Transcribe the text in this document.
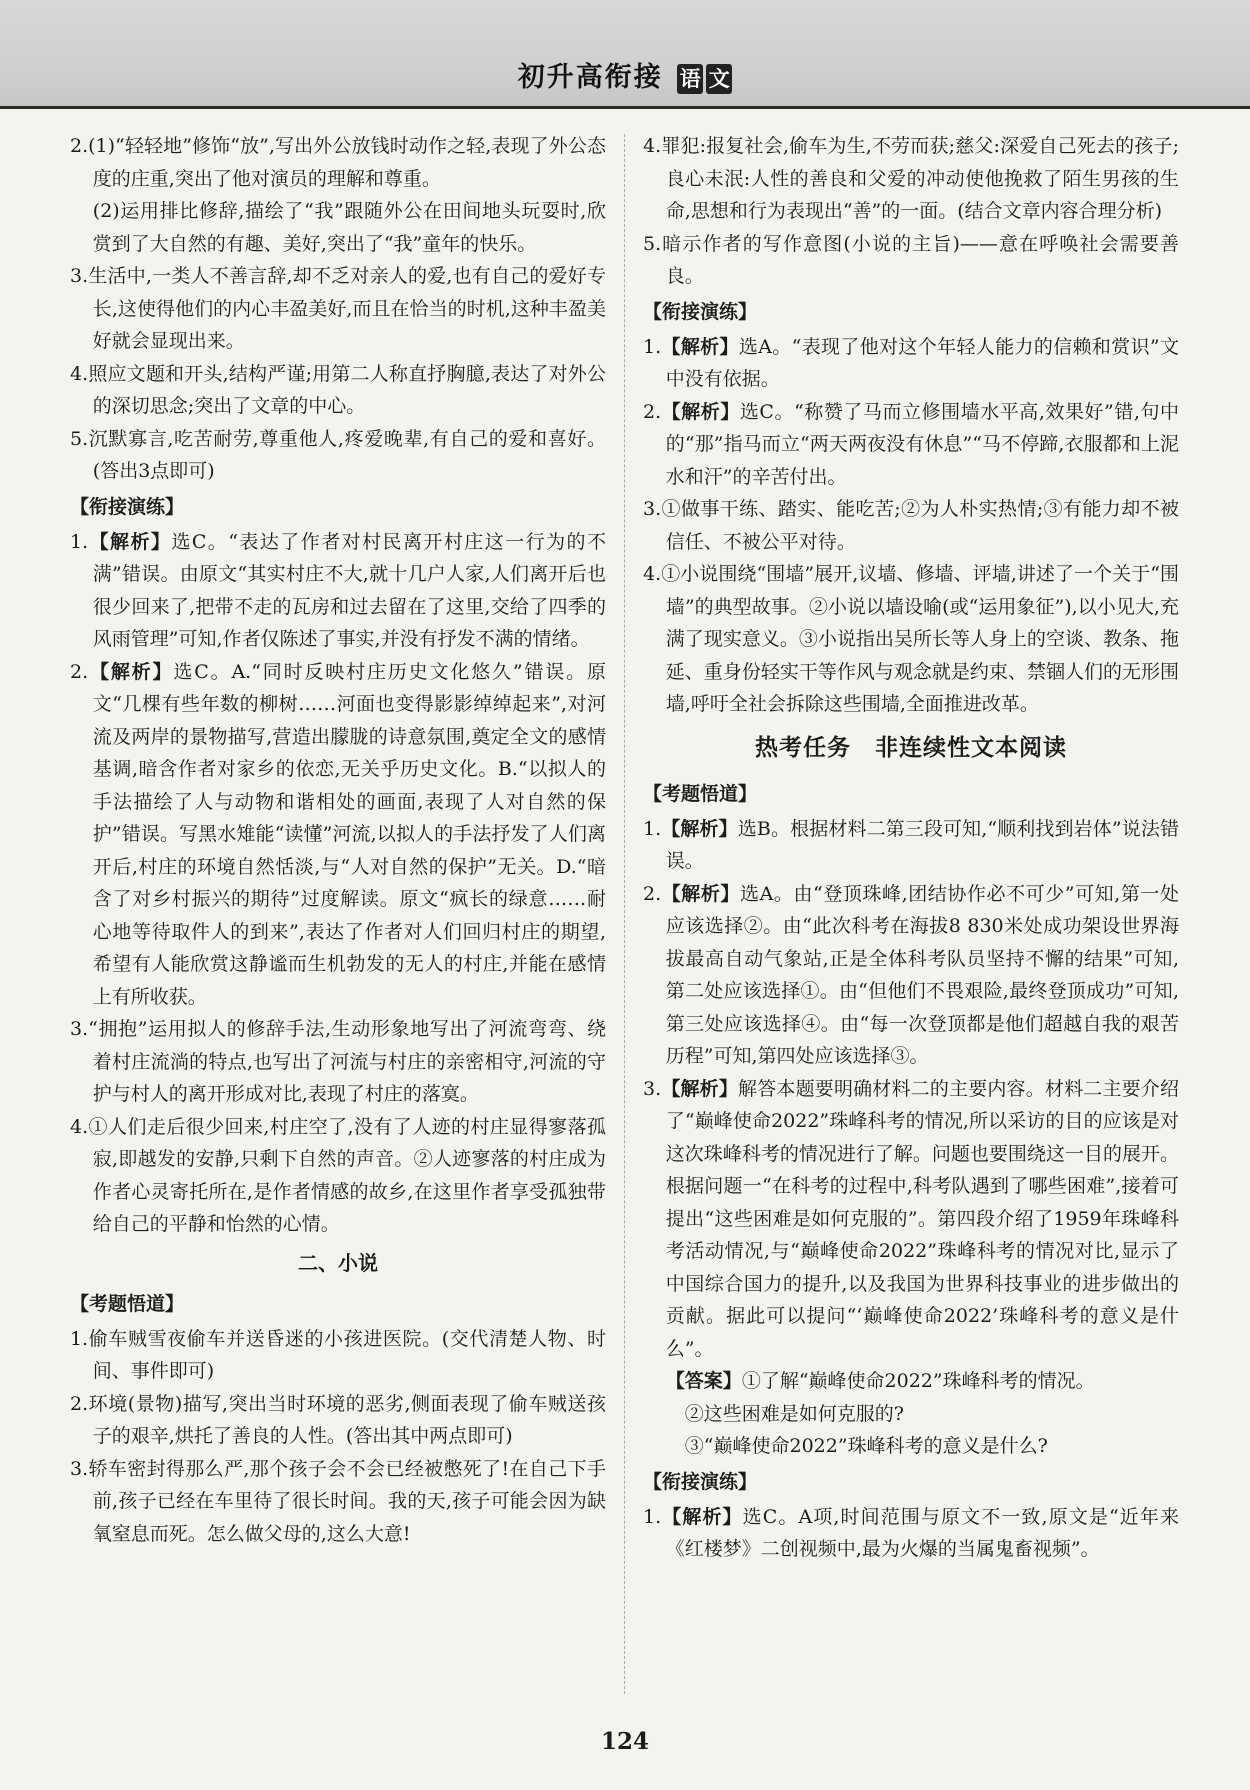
初升高衔接 语 文

2.(1)“轻轻地”修饰“放”,写出外公放钱时动作之轻,表现了外公态度的庄重,突出了他对演员的理解和尊重。

(2)运用排比修辞,描绘了“我”跟随外公在田间地头玩耍时,欣赏到了大自然的有趣、美好,突出了“我”童年的快乐。

3.生活中,一类人不善言辞,却不乏对亲人的爱,也有自己的爱好专长,这使得他们的内心丰盈美好,而且在恰当的时机,这种丰盈美好就会显现出来。

4.照应文题和开头,结构严谨;用第二人称直抒胸臆,表达了对外公的深切思念;突出了文章的中心。

5.沉默寡言,吃苦耐劳,尊重他人,疼爱晚辈,有自己的爱和喜好。(答出3点即可)

【衔接演练】

1.【解析】选C。“表达了作者对村民离开村庄这一行为的不满”错误。由原文“其实村庄不大,就十几户人家,人们离开后也很少回来了,把带不走的瓦房和过去留在了这里,交给了四季的风雨管理”可知,作者仅陈述了事实,并没有抒发不满的情绪。

2.【解析】选C。A.“同时反映村庄历史文化悠久”错误。原文“几棵有些年数的柳树……河面也变得影影绰绰起来”,对河流及两岸的景物描写,营造出朦胧的诗意氛围,奠定全文的感情基调,暗含作者对家乡的依恋,无关乎历史文化。B.“以拟人的手法描绘了人与动物和谐相处的画面,表现了人对自然的保护”错误。写黑水雉能“读懂”河流,以拟人的手法抒发了人们离开后,村庄的环境自然恬淡,与“人对自然的保护”无关。D.“暗含了对乡村振兴的期待”过度解读。原文“疯长的绿意……耐心地等待取件人的到来”,表达了作者对人们回归村庄的期望,希望有人能欣赏这静谧而生机勃发的无人的村庄,并能在感情上有所收获。

3.“拥抱”运用拟人的修辞手法,生动形象地写出了河流弯弯、绕着村庄流淌的特点,也写出了河流与村庄的亲密相守,河流的守护与村人的离开形成对比,表现了村庄的落寞。

4.①人们走后很少回来,村庄空了,没有了人迹的村庄显得寥落孤寂,即越发的安静,只剩下自然的声音。②人迹寥落的村庄成为作者心灵寄托所在,是作者情感的故乡,在这里作者享受孤独带给自己的平静和怡然的心情。

二、小说
【考题悟道】

1.偷车贼雪夜偷车并送昏迷的小孩进医院。(交代清楚人物、时间、事件即可)

2.环境(景物)描写,突出当时环境的恶劣,侧面表现了偷车贼送孩子的艰辛,烘托了善良的人性。(答出其中两点即可)

3.轿车密封得那么严,那个孩子会不会已经被憋死了!在自己下手前,孩子已经在车里待了很长时间。我的天,孩子可能会因为缺氧窒息而死。怎么做父母的,这么大意!

4.罪犯:报复社会,偷车为生,不劳而获;慈父:深爱自己死去的孩子;良心未泯:人性的善良和父爱的冲动使他挽救了陌生男孩的生命,思想和行为表现出“善”的一面。(结合文章内容合理分析)

5.暗示作者的写作意图(小说的主旨)——意在呼唤社会需要善良。

【衔接演练】

1.【解析】选A。“表现了他对这个年轻人能力的信赖和赏识”文中没有依据。

2.【解析】选C。“称赞了马而立修围墙水平高,效果好”错,句中的“那”指马而立“两天两夜没有休息”“马不停蹄,衣服都和上泥水和汗”的辛苦付出。

3.①做事干练、踏实、能吃苦;②为人朴实热情;③有能力却不被信任、不被公平对待。

4.①小说围绕“围墙”展开,议墙、修墙、评墙,讲述了一个关于“围墙”的典型故事。②小说以墙设喻(或“运用象征”),以小见大,充满了现实意义。③小说指出吴所长等人身上的空谈、教条、拖延、重身份轻实干等作风与观念就是约束、禁锢人们的无形围墙,呼吁全社会拆除这些围墙,全面推进改革。

热考任务　非连续性文本阅读
【考题悟道】

1.【解析】选B。根据材料二第三段可知,“顺利找到岩体”说法错误。

2.【解析】选A。由“登顶珠峰,团结协作必不可少”可知,第一处应该选择②。由“此次科考在海拔8 830米处成功架设世界海拔最高自动气象站,正是全体科考队员坚持不懈的结果”可知,第二处应该选择①。由“但他们不畏艰险,最终登顶成功”可知,第三处应该选择④。由“每一次登顶都是他们超越自我的艰苦历程”可知,第四处应该选择③。

3.【解析】解答本题要明确材料二的主要内容。材料二主要介绍了“巅峰使命2022”珠峰科考的情况,所以采访的目的应该是对这次珠峰科考的情况进行了解。问题也要围绕这一目的展开。根据问题一“在科考的过程中,科考队遇到了哪些困难”,接着可提出“这些困难是如何克服的”。第四段介绍了1959年珠峰科考活动情况,与“巅峰使命2022”珠峰科考的情况对比,显示了中国综合国力的提升,以及我国为世界科技事业的进步做出的贡献。据此可以提问“‘巅峰使命2022’珠峰科考的意义是什么”。

【答案】①了解“巅峰使命2022”珠峰科考的情况。

②这些困难是如何克服的?

③“巅峰使命2022”珠峰科考的意义是什么?

【衔接演练】

1.【解析】选C。A项,时间范围与原文不一致,原文是“近年来《红楼梦》二创视频中,最为火爆的当属鬼畜视频”。

124
